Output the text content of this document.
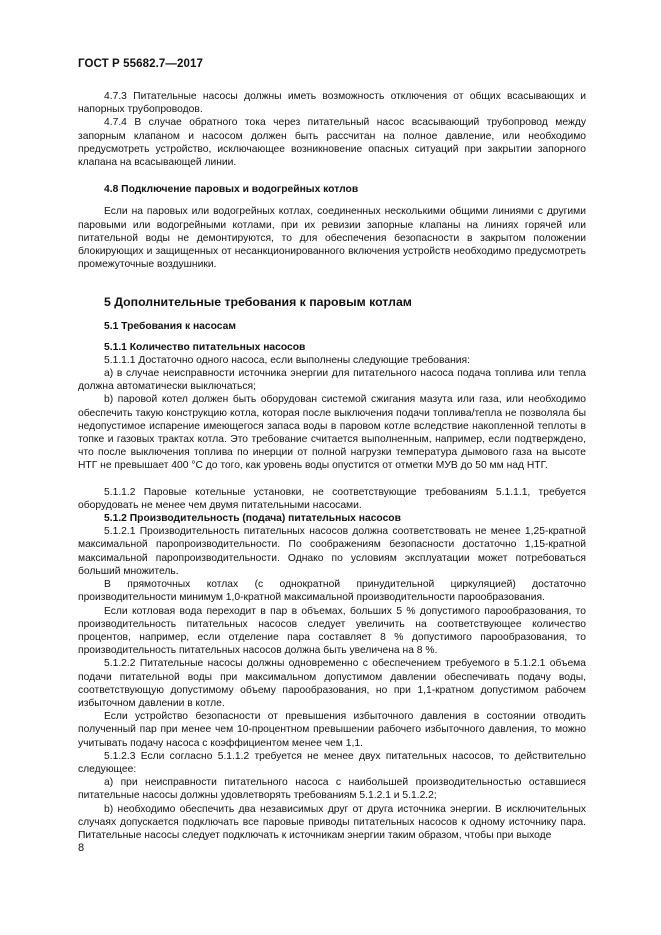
ГОСТ Р 55682.7—2017

4.7.3 Питательные насосы должны иметь возможность отключения от общих всасывающих и напорных трубопроводов.

4.7.4 В случае обратного тока через питательный насос всасывающий трубопровод между запорным клапаном и насосом должен быть рассчитан на полное давление, или необходимо предусмотреть устройство, исключающее возникновение опасных ситуаций при закрытии запорного клапана на всасывающей линии.

4.8 Подключение паровых и водогрейных котлов

Если на паровых или водогрейных котлах, соединенных несколькими общими линиями с другими паровыми или водогрейными котлами, при их ревизии запорные клапаны на линиях горячей или питательной воды не демонтируются, то для обеспечения безопасности в закрытом положении блокирующих и защищенных от несанкционированного включения устройств необходимо предусмотреть промежуточные воздушники.

5 Дополнительные требования к паровым котлам
5.1 Требования к насосам
5.1.1 Количество питательных насосов

5.1.1.1 Достаточно одного насоса, если выполнены следующие требования:

a) в случае неисправности источника энергии для питательного насоса подача топлива или тепла должна автоматически выключаться;

b) паровой котел должен быть оборудован системой сжигания мазута или газа, или необходимо обеспечить такую конструкцию котла, которая после выключения подачи топлива/тепла не позволяла бы недопустимое испарение имеющегося запаса воды в паровом котле вследствие накопленной теплоты в топке и газовых трактах котла. Это требование считается выполненным, например, если подтверждено, что после выключения топлива по инерции от полной нагрузки температура дымового газа на высоте НТГ не превышает 400 °С до того, как уровень воды опустится от отметки МУВ до 50 мм над НТГ.

5.1.1.2 Паровые котельные установки, не соответствующие требованиям 5.1.1.1, требуется оборудовать не менее чем двумя питательными насосами.

5.1.2 Производительность (подача) питательных насосов

5.1.2.1 Производительность питательных насосов должна соответствовать не менее 1,25-кратной максимальной паропроизводительности. По соображениям безопасности достаточно 1,15-кратной максимальной паропроизводительности. Однако по условиям эксплуатации может потребоваться больший множитель.

В прямоточных котлах (с однократной принудительной циркуляцией) достаточно производительности минимум 1,0-кратной максимальной производительности парообразования.

Если котловая вода переходит в пар в объемах, больших 5 % допустимого парообразования, то производительность питательных насосов следует увеличить на соответствующее количество процентов, например, если отделение пара составляет 8 % допустимого парообразования, то производительность питательных насосов должна быть увеличена на 8 %.

5.1.2.2 Питательные насосы должны одновременно с обеспечением требуемого в 5.1.2.1 объема подачи питательной воды при максимальном допустимом давлении обеспечивать подачу воды, соответствующую допустимому объему парообразования, но при 1,1-кратном допустимом рабочем избыточном давлении в котле.

Если устройство безопасности от превышения избыточного давления в состоянии отводить полученный пар при менее чем 10-процентном превышении рабочего избыточного давления, то можно учитывать подачу насоса с коэффициентом менее чем 1,1.

5.1.2.3 Если согласно 5.1.1.2 требуется не менее двух питательных насосов, то действительно следующее:

a) при неисправности питательного насоса с наибольшей производительностью оставшиеся питательные насосы должны удовлетворять требованиям 5.1.2.1 и 5.1.2.2;

b) необходимо обеспечить два независимых друг от друга источника энергии. В исключительных случаях допускается подключать все паровые приводы питательных насосов к одному источнику пара. Питательные насосы следует подключать к источникам энергии таким образом, чтобы при выходе

8
